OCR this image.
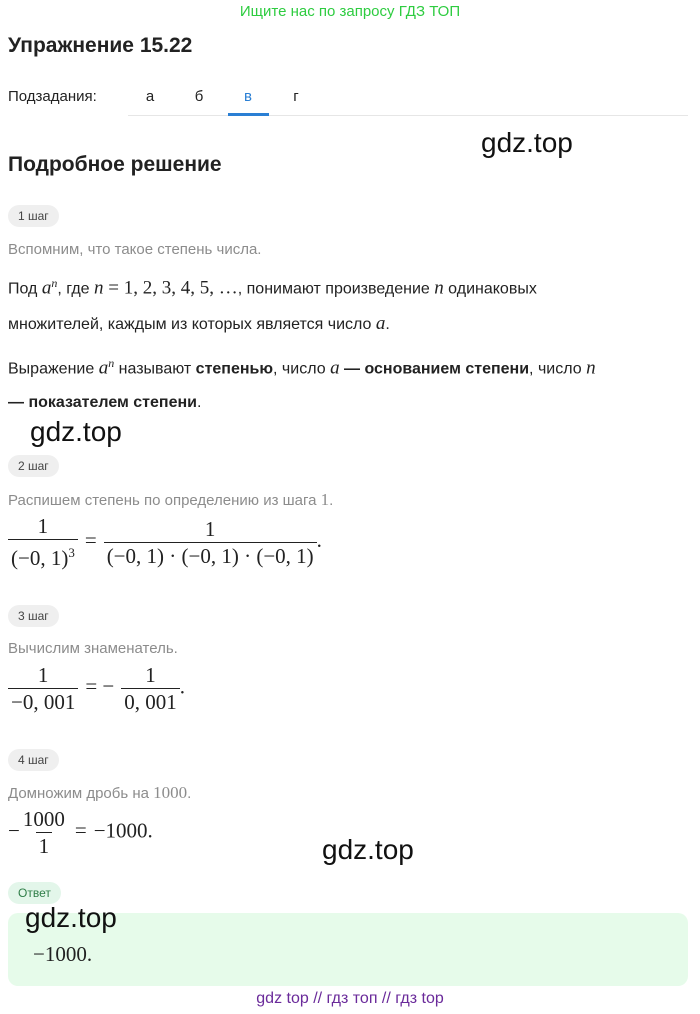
Ищите нас по запросу ГДЗ ТОП
Упражнение 15.22
Подзадания:	а	б	в	г
Подробное решение
gdz.top
gdz.top
gdz.top
1 шаг
Вспомним, что такое степень числа.
Под $a^n$, где n = 1, 2, 3, 4, 5, …, понимают произведение n одинаковых
множителей, каждым из которых является число a.
Выражение $a^n$ называют степенью, число a — основанием степени, число n
— показателем степени.
2 шаг
Распишем степень по определению из шага 1.
$\frac{1}{(-0, 1)^3} = \frac{1}{(-0, 1) \cdot (-0, 1) \cdot (-0, 1)}$ .
3 шаг
Вычислим знаменатель.
$\frac{1}{-0, 001}$ = − $\frac{1}{0, 001}$ .
4 шаг
Домножим дробь на 1000.
− $\frac{1000}{1} = -1000$.
Ответ
gdz.top
−1000.
gdz top // гдз топ // гдз top
